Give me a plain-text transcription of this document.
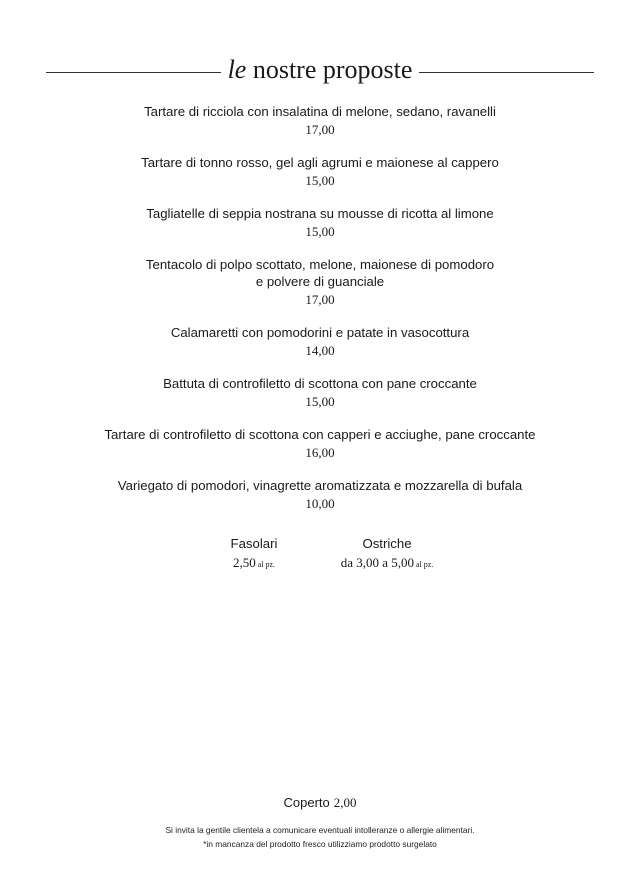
le nostre proposte
Tartare di ricciola con insalatina di melone, sedano, ravanelli
17,00
Tartare di tonno rosso, gel agli agrumi e maionese al cappero
15,00
Tagliatelle di seppia nostrana su mousse di ricotta al limone
15,00
Tentacolo di polpo scottato, melone, maionese di pomodoro
e polvere di guanciale
17,00
Calamaretti con pomodorini e patate in vasocottura
14,00
Battuta di controfiletto di scottona con pane croccante
15,00
Tartare di controfiletto di scottona con capperi e acciughe, pane croccante
16,00
Variegato di pomodori, vinagrette aromatizzata e mozzarella di bufala
10,00
Fasolari
2,50 al pz.
Ostriche
da 3,00 a 5,00 al pz.
Coperto 2,00
Si invita la gentile clientela a comunicare eventuali intolleranze o allergie alimentari.
*in mancanza del prodotto fresco utilizziamo prodotto surgelato
